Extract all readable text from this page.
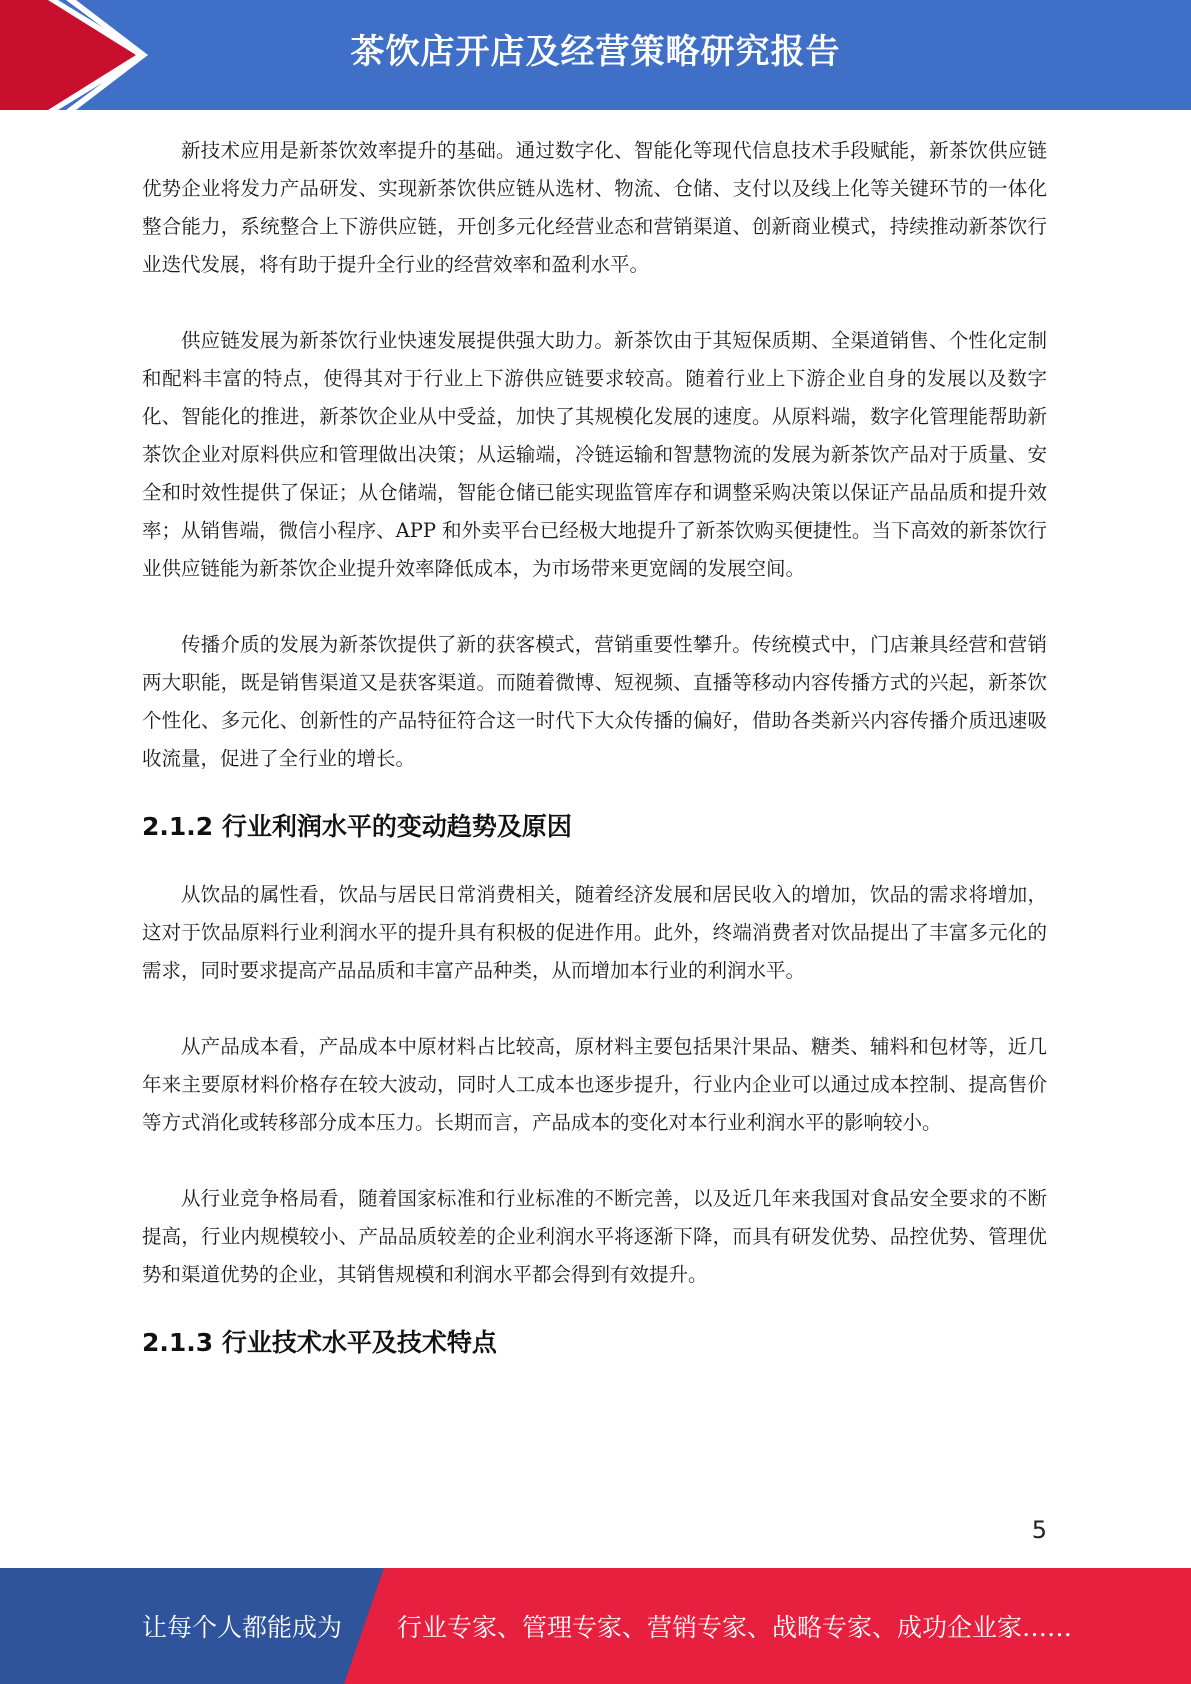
茶饮店开店及经营策略研究报告

新技术应用是新茶饮效率提升的基础。通过数字化、智能化等现代信息技术手段赋能，新茶饮供应链优势企业将发力产品研发、实现新茶饮供应链从选材、物流、仓储、支付以及线上化等关键环节的一体化整合能力，系统整合上下游供应链，开创多元化经营业态和营销渠道、创新商业模式，持续推动新茶饮行业迭代发展，将有助于提升全行业的经营效率和盈利水平。

供应链发展为新茶饮行业快速发展提供强大助力。新茶饮由于其短保质期、全渠道销售、个性化定制和配料丰富的特点，使得其对于行业上下游供应链要求较高。随着行业上下游企业自身的发展以及数字化、智能化的推进，新茶饮企业从中受益，加快了其规模化发展的速度。从原料端，数字化管理能帮助新茶饮企业对原料供应和管理做出决策；从运输端，冷链运输和智慧物流的发展为新茶饮产品对于质量、安全和时效性提供了保证；从仓储端，智能仓储已能实现监管库存和调整采购决策以保证产品品质和提升效率；从销售端，微信小程序、APP 和外卖平台已经极大地提升了新茶饮购买便捷性。当下高效的新茶饮行业供应链能为新茶饮企业提升效率降低成本，为市场带来更宽阔的发展空间。

传播介质的发展为新茶饮提供了新的获客模式，营销重要性攀升。传统模式中，门店兼具经营和营销两大职能，既是销售渠道又是获客渠道。而随着微博、短视频、直播等移动内容传播方式的兴起，新茶饮个性化、多元化、创新性的产品特征符合这一时代下大众传播的偏好，借助各类新兴内容传播介质迅速吸收流量，促进了全行业的增长。

2.1.2 行业利润水平的变动趋势及原因

从饮品的属性看，饮品与居民日常消费相关，随着经济发展和居民收入的增加，饮品的需求将增加，这对于饮品原料行业利润水平的提升具有积极的促进作用。此外，终端消费者对饮品提出了丰富多元化的需求，同时要求提高产品品质和丰富产品种类，从而增加本行业的利润水平。

从产品成本看，产品成本中原材料占比较高，原材料主要包括果汁果品、糖类、辅料和包材等，近几年来主要原材料价格存在较大波动，同时人工成本也逐步提升，行业内企业可以通过成本控制、提高售价等方式消化或转移部分成本压力。长期而言，产品成本的变化对本行业利润水平的影响较小。

从行业竞争格局看，随着国家标准和行业标准的不断完善，以及近几年来我国对食品安全要求的不断提高，行业内规模较小、产品品质较差的企业利润水平将逐渐下降，而具有研发优势、品控优势、管理优势和渠道优势的企业，其销售规模和利润水平都会得到有效提升。

2.1.3 行业技术水平及技术特点
5
让每个人都能成为 行业专家、管理专家、营销专家、战略专家、成功企业家……
